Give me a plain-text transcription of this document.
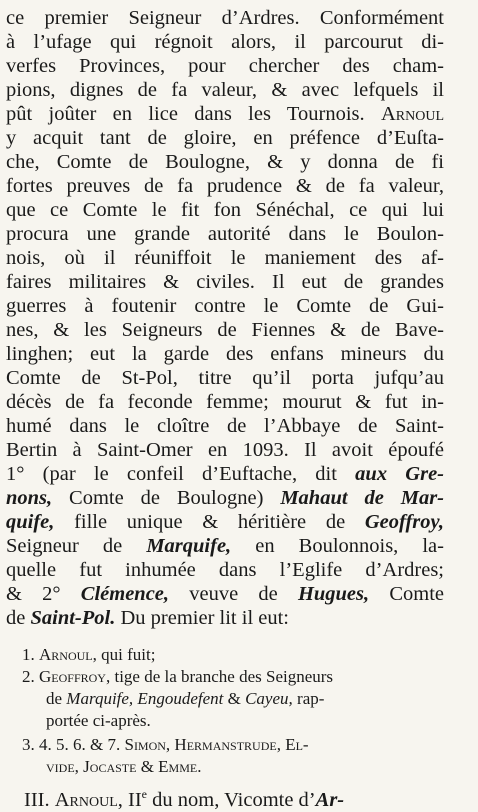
ce premier Seigneur d’Ardres. Conformément
à l’ufage qui régnoit alors, il parcourut di-
verfes Provinces, pour chercher des cham-
pions, dignes de fa valeur, & avec lefquels il
pût joûter en lice dans les Tournois. Arnoul
y acquit tant de gloire, en préfence d’Euſta-
che, Comte de Boulogne, & y donna de fi
fortes preuves de fa prudence & de fa valeur,
que ce Comte le fit fon Sénéchal, ce qui lui
procura une grande autorité dans le Boulon-
nois, où il réuniffoit le maniement des af-
faires militaires & civiles. Il eut de grandes
guerres à foutenir contre le Comte de Gui-
nes, & les Seigneurs de Fiennes & de Bave-
linghen; eut la garde des enfans mineurs du
Comte de St-Pol, titre qu’il porta jufqu’au
décès de fa feconde femme; mourut & fut in-
humé dans le cloître de l’Abbaye de Saint-
Bertin à Saint-Omer en 1093. Il avoit époufé
1° (par le confeil d’Euftache, dit aux Gre-
nons, Comte de Boulogne) Mahaut de Mar-
quife, fille unique & héritière de Geoffroy,
Seigneur de Marquife, en Boulonnois, la-
quelle fut inhumée dans l’Eglife d’Ardres;
& 2° Clémence, veuve de Hugues, Comte
de Saint-Pol. Du premier lit il eut:
1. Arnoul, qui fuit;
2. Geoffroy, tige de la branche des Seigneurs
de Marquife, Engoudefent & Cayeu, rap-
portée ci-après.
3. 4. 5. 6. & 7. Simon, Hermanstrude, El-
vide, Jocaste & Emme.
III. Arnoul, IIe du nom, Vicomte d’Ar-
